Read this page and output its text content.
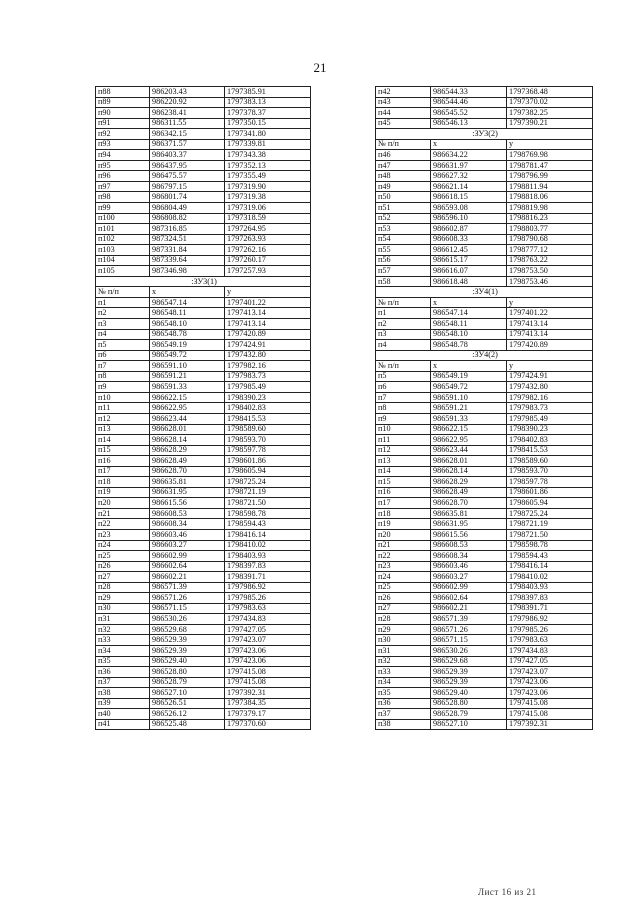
21
п88	986203.43	1797385.91
п89	986220.92	1797383.13
п90	986238.41	1797378.37
п91	986311.55	1797350.15
п92	986342.15	1797341.80
п93	986371.57	1797339.81
п94	986403.37	1797343.38
п95	986437.95	1797352.13
п96	986475.57	1797355.49
п97	986797.15	1797319.90
п98	986801.74	1797319.38
п99	986804.49	1797319.06
п100	986808.82	1797318.59
п101	987316.85	1797264.95
п102	987324.51	1797263.93
п103	987331.84	1797262.16
п104	987339.64	1797260.17
п105	987346.98	1797257.93
:ЗУ3(1)		
№ п/п	x	y
п1	986547.14	1797401.22
п2	986548.11	1797413.14
п3	986548.10	1797413.14
п4	986548.78	1797420.89
п5	986549.19	1797424.91
п6	986549.72	1797432.80
п7	986591.10	1797982.16
п8	986591.21	1797983.73
п9	986591.33	1797985.49
п10	986622.15	1798390.23
п11	986622.95	1798402.83
п12	986623.44	1798415.53
п13	986628.01	1798589.60
п14	986628.14	1798593.70
п15	986628.29	1798597.78
п16	986628.49	1798601.86
п17	986628.70	1798605.94
п18	986635.81	1798725.24
п19	986631.95	1798721.19
п20	986615.56	1798721.50
п21	986608.53	1798598.78
п22	986608.34	1798594.43
п23	986603.46	1798416.14
п24	986603.27	1798410.02
п25	986602.99	1798403.93
п26	986602.64	1798397.83
п27	986602.21	1798391.71
п28	986571.39	1797986.92
п29	986571.26	1797985.26
п30	986571.15	1797983.63
п31	986530.26	1797434.83
п32	986529.68	1797427.05
п33	986529.39	1797423.07
п34	986529.39	1797423.06
п35	986529.40	1797423.06
п36	986528.80	1797415.08
п37	986528.79	1797415.08
п38	986527.10	1797392.31
п39	986526.51	1797384.35
п40	986526.12	1797379.17
п41	986525.48	1797370.60
п42	986544.33	1797368.48
п43	986544.46	1797370.02
п44	986545.52	1797382.25
п45	986546.13	1797390.21
:ЗУ3(2)		
№ п/п	x	y
п46	986634.22	1798769.98
п47	986631.97	1798781.47
п48	986627.32	1798796.99
п49	986621.14	1798811.94
п50	986618.15	1798818.06
п51	986593.08	1798819.98
п52	986596.10	1798816.23
п53	986602.87	1798803.77
п54	986608.33	1798790.68
п55	986612.45	1798777.12
п56	986615.17	1798763.22
п57	986616.07	1798753.50
п58	986618.48	1798753.46
:ЗУ4(1)		
№ п/п	x	y
п1	986547.14	1797401.22
п2	986548.11	1797413.14
п3	986548.10	1797413.14
п4	986548.78	1797420.89
:ЗУ4(2)		
№ п/п	x	y
п5	986549.19	1797424.91
п6	986549.72	1797432.80
п7	986591.10	1797982.16
п8	986591.21	1797983.73
п9	986591.33	1797985.49
п10	986622.15	1798390.23
п11	986622.95	1798402.83
п12	986623.44	1798415.53
п13	986628.01	1798589.60
п14	986628.14	1798593.70
п15	986628.29	1798597.78
п16	986628.49	1798601.86
п17	986628.70	1798605.94
п18	986635.81	1798725.24
п19	986631.95	1798721.19
п20	986615.56	1798721.50
п21	986608.53	1798598.78
п22	986608.34	1798594.43
п23	986603.46	1798416.14
п24	986603.27	1798410.02
п25	986602.99	1798403.93
п26	986602.64	1798397.83
п27	986602.21	1798391.71
п28	986571.39	1797986.92
п29	986571.26	1797985.26
п30	986571.15	1797983.63
п31	986530.26	1797434.83
п32	986529.68	1797427.05
п33	986529.39	1797423.07
п34	986529.39	1797423.06
п35	986529.40	1797423.06
п36	986528.80	1797415.08
п37	986528.79	1797415.08
п38	986527.10	1797392.31
Лист 16 из 21
